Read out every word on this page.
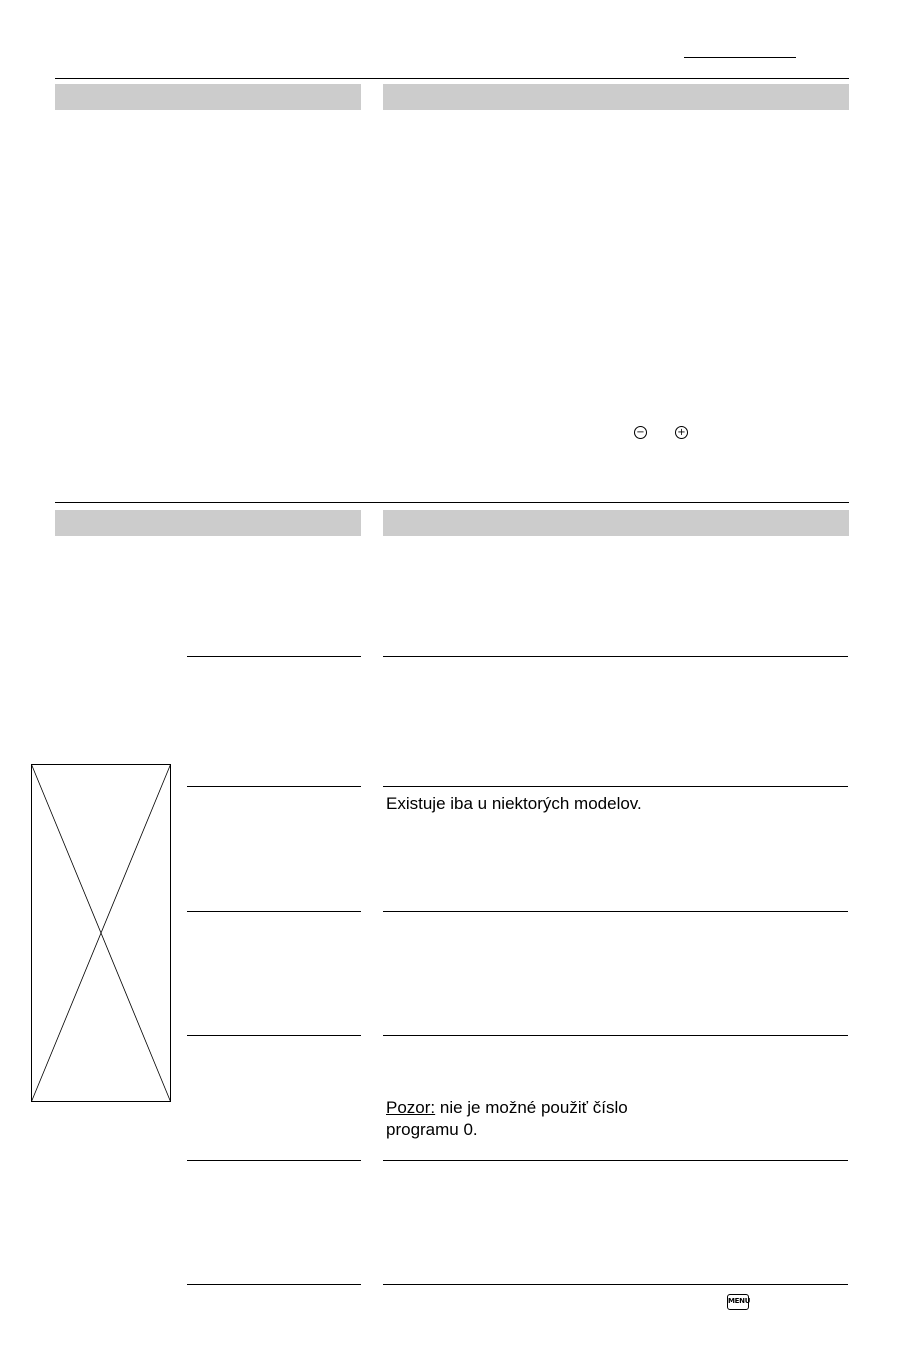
−	+
Existuje iba u niektorých modelov.
Pozor: nie je možné použiť číslo
programu 0.
MENU
